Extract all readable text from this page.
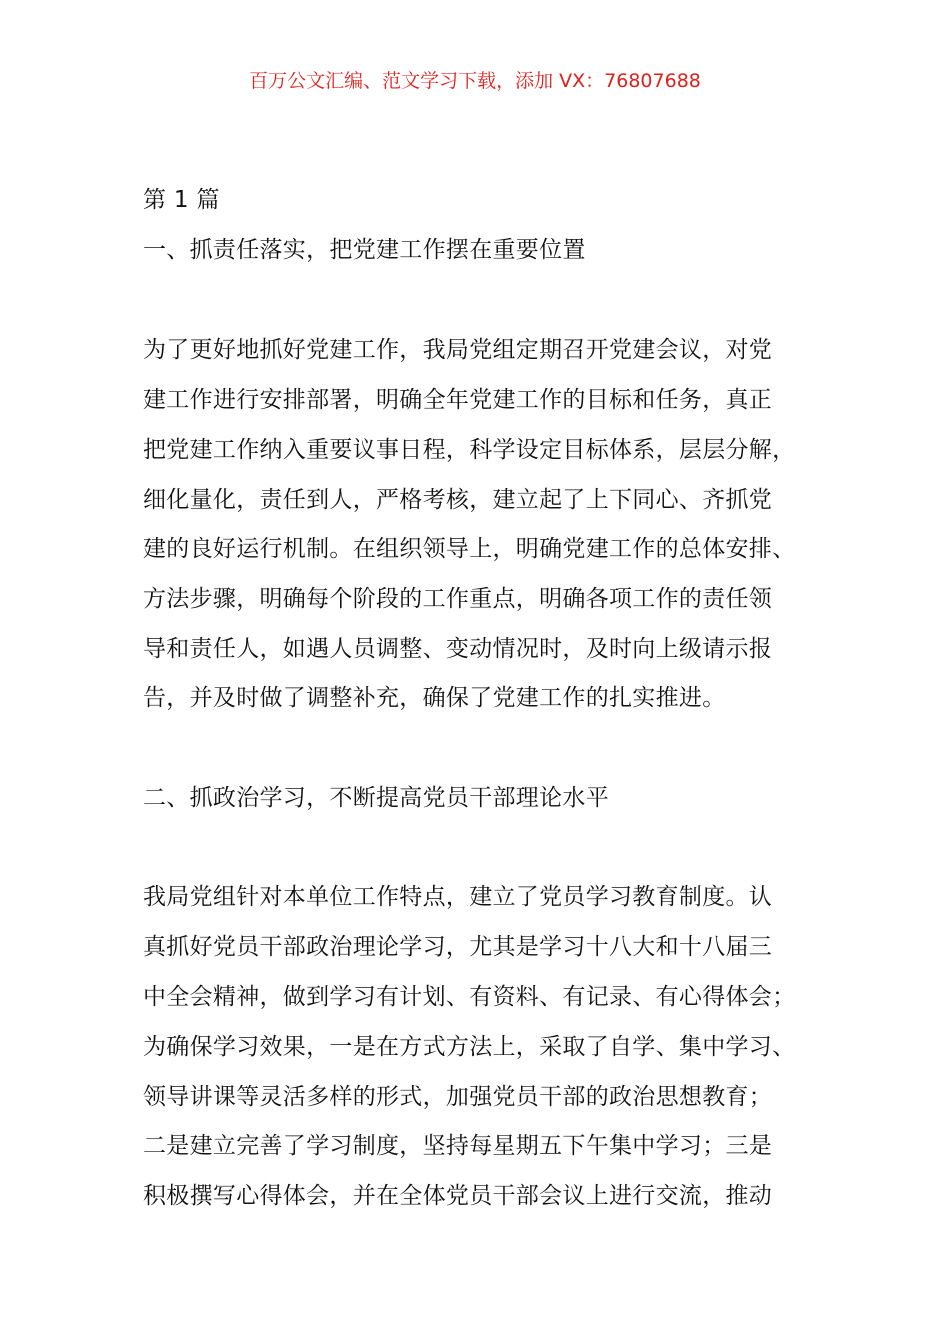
百万公文汇编、范文学习下载，添加 VX：76807688
第 1 篇
一、抓责任落实，把党建工作摆在重要位置
为了更好地抓好党建工作，我局党组定期召开党建会议，对党
建工作进行安排部署，明确全年党建工作的目标和任务，真正
把党建工作纳入重要议事日程，科学设定目标体系，层层分解，
细化量化，责任到人，严格考核，建立起了上下同心、齐抓党
建的良好运行机制。在组织领导上，明确党建工作的总体安排、
方法步骤，明确每个阶段的工作重点，明确各项工作的责任领
导和责任人，如遇人员调整、变动情况时，及时向上级请示报
告，并及时做了调整补充，确保了党建工作的扎实推进。
二、抓政治学习，不断提高党员干部理论水平
我局党组针对本单位工作特点，建立了党员学习教育制度。认
真抓好党员干部政治理论学习，尤其是学习十八大和十八届三
中全会精神，做到学习有计划、有资料、有记录、有心得体会；
为确保学习效果，一是在方式方法上，采取了自学、集中学习、
领导讲课等灵活多样的形式，加强党员干部的政治思想教育；
二是建立完善了学习制度，坚持每星期五下午集中学习；三是
积极撰写心得体会，并在全体党员干部会议上进行交流，推动
